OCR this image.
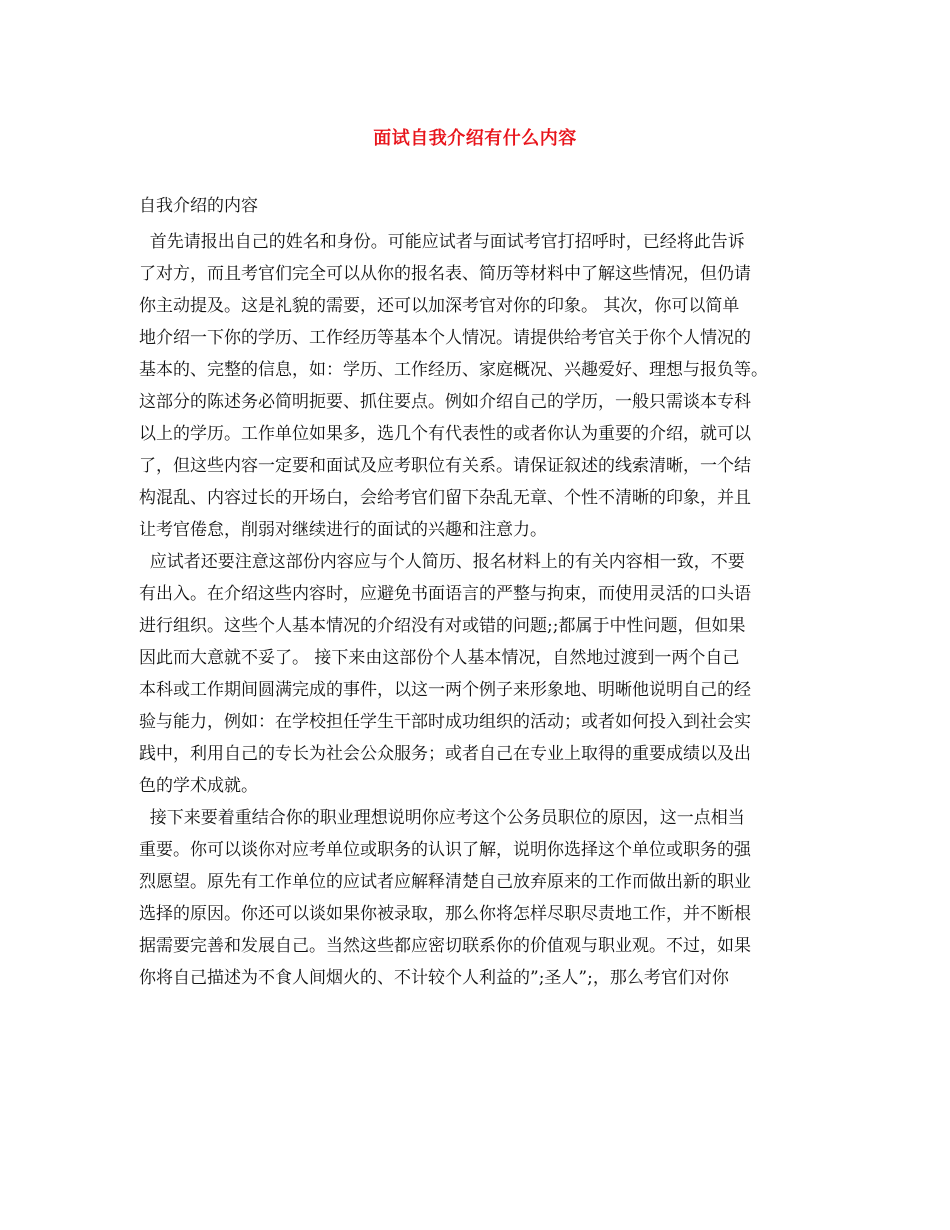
面试自我介绍有什么内容
自我介绍的内容
首先请报出自己的姓名和身份。可能应试者与面试考官打招呼时，已经将此告诉
了对方，而且考官们完全可以从你的报名表、简历等材料中了解这些情况，但仍请
你主动提及。这是礼貌的需要，还可以加深考官对你的印象。 其次，你可以简单
地介绍一下你的学历、工作经历等基本个人情况。请提供给考官关于你个人情况的
基本的、完整的信息，如：学历、工作经历、家庭概况、兴趣爱好、理想与报负等。
这部分的陈述务必简明扼要、抓住要点。例如介绍自己的学历，一般只需谈本专科
以上的学历。工作单位如果多，选几个有代表性的或者你认为重要的介绍，就可以
了，但这些内容一定要和面试及应考职位有关系。请保证叙述的线索清晰，一个结
构混乱、内容过长的开场白，会给考官们留下杂乱无章、个性不清晰的印象，并且
让考官倦怠，削弱对继续进行的面试的兴趣和注意力。
应试者还要注意这部份内容应与个人简历、报名材料上的有关内容相一致，不要
有出入。在介绍这些内容时，应避免书面语言的严整与拘束，而使用灵活的口头语
进行组织。这些个人基本情况的介绍没有对或错的问题;;都属于中性问题，但如果
因此而大意就不妥了。 接下来由这部份个人基本情况，自然地过渡到一两个自己
本科或工作期间圆满完成的事件，以这一两个例子来形象地、明晰他说明自己的经
验与能力，例如：在学校担任学生干部时成功组织的活动；或者如何投入到社会实
践中，利用自己的专长为社会公众服务；或者自己在专业上取得的重要成绩以及出
色的学术成就。
接下来要着重结合你的职业理想说明你应考这个公务员职位的原因，这一点相当
重要。你可以谈你对应考单位或职务的认识了解，说明你选择这个单位或职务的强
烈愿望。原先有工作单位的应试者应解释清楚自己放弃原来的工作而做出新的职业
选择的原因。你还可以谈如果你被录取，那么你将怎样尽职尽责地工作，并不断根
据需要完善和发展自己。当然这些都应密切联系你的价值观与职业观。不过，如果
你将自己描述为不食人间烟火的、不计较个人利益的”;圣人”;，那么考官们对你
